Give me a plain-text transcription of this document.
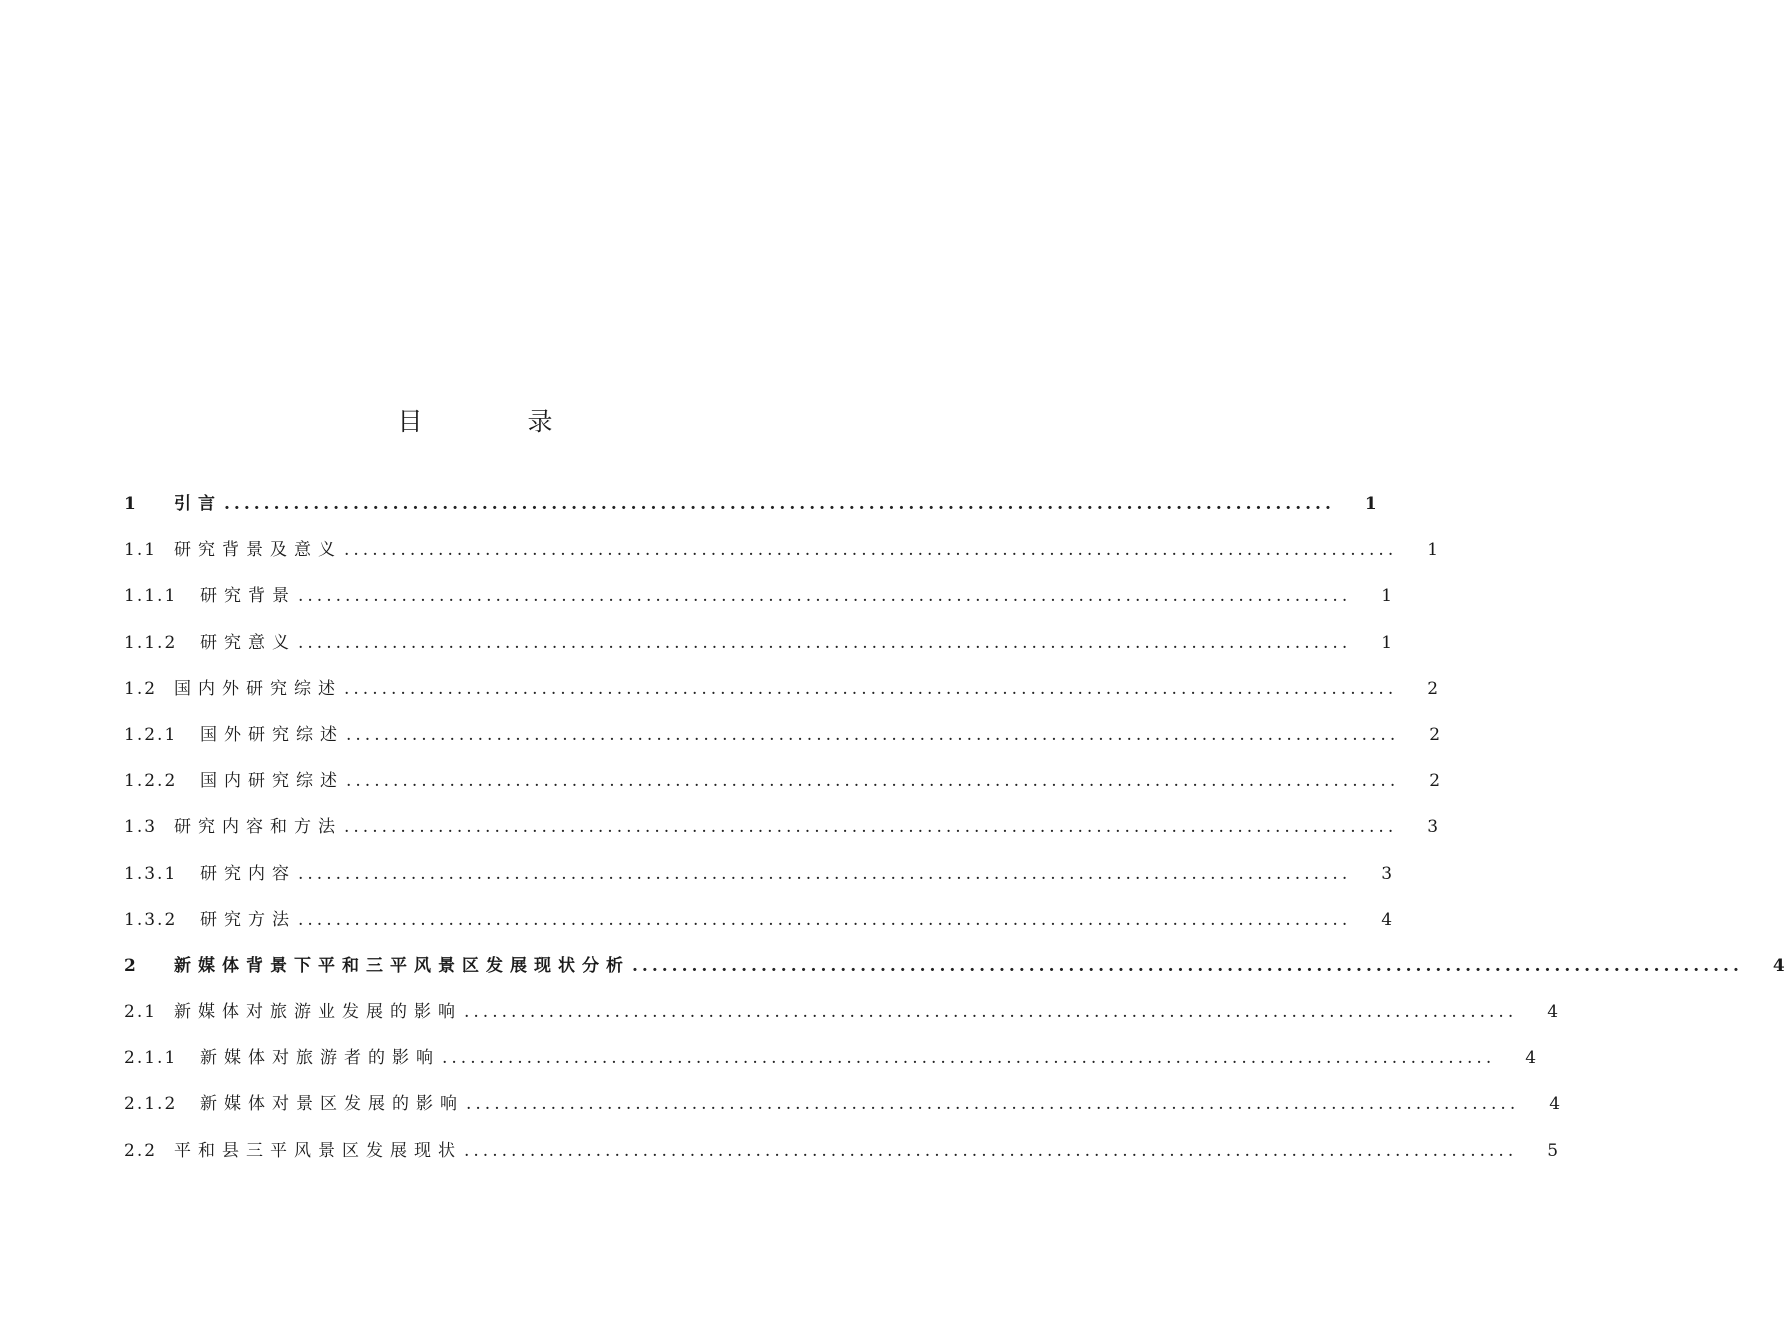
目	录
1	引言 ................................................................................................................ 1
1.1 研究背景及意义 ................................................................................................................ 1
1.1.1	研究背景 ................................................................................................................ 1
1.1.2	研究意义 ................................................................................................................ 1
1.2 国内外研究综述 ................................................................................................................ 2
1.2.1	国外研究综述 ................................................................................................................ 2
1.2.2	国内研究综述 ................................................................................................................ 2
1.3 研究内容和方法 ................................................................................................................ 3
1.3.1	研究内容 ................................................................................................................ 3
1.3.2	研究方法 ................................................................................................................ 4
2	新媒体背景下平和三平风景区发展现状分析 ................................................................................................................ 4
2.1 新媒体对旅游业发展的影响 ................................................................................................................ 4
2.1.1	新媒体对旅游者的影响 ................................................................................................................ 4
2.1.2	新媒体对景区发展的影响 ................................................................................................................ 4
2.2 平和县三平风景区发展现状 ................................................................................................................ 5
